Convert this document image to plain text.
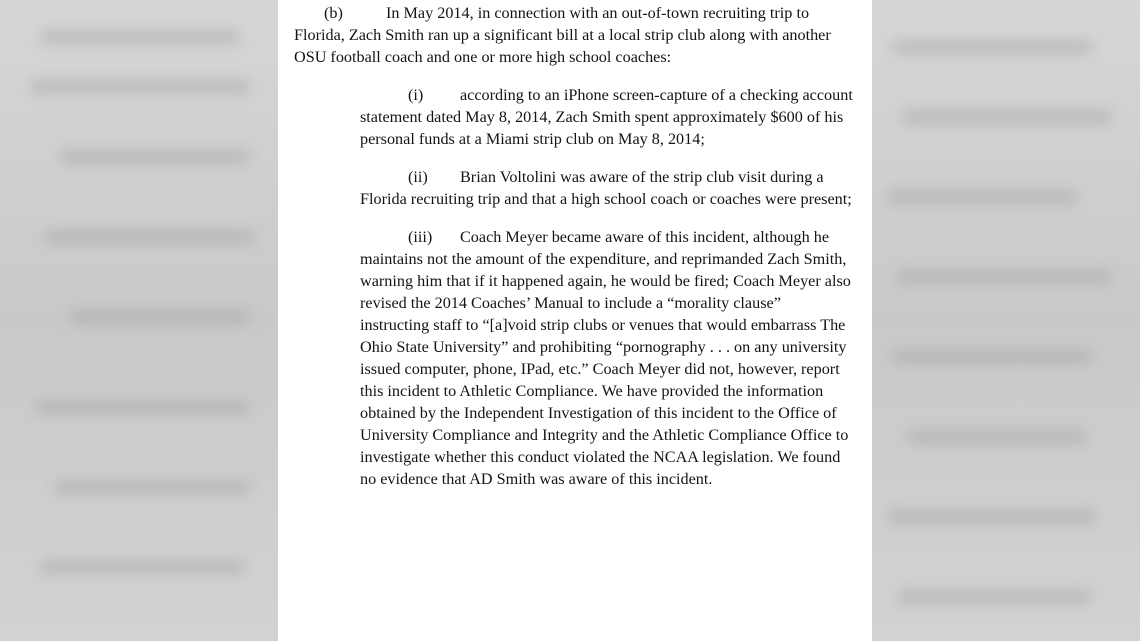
(b)	In May 2014, in connection with an out-of-town recruiting trip to Florida, Zach Smith ran up a significant bill at a local strip club along with another OSU football coach and one or more high school coaches:

(i) according to an iPhone screen-capture of a checking account statement dated May 8, 2014, Zach Smith spent approximately $600 of his personal funds at a Miami strip club on May 8, 2014;

(ii) Brian Voltolini was aware of the strip club visit during a Florida recruiting trip and that a high school coach or coaches were present;

(iii) Coach Meyer became aware of this incident, although he maintains not the amount of the expenditure, and reprimanded Zach Smith, warning him that if it happened again, he would be fired; Coach Meyer also revised the 2014 Coaches’ Manual to include a “morality clause” instructing staff to “[a]void strip clubs or venues that would embarrass The Ohio State University” and prohibiting “pornography . . . on any university issued computer, phone, IPad, etc.” Coach Meyer did not, however, report this incident to Athletic Compliance. We have provided the information obtained by the Independent Investigation of this incident to the Office of University Compliance and Integrity and the Athletic Compliance Office to investigate whether this conduct violated the NCAA legislation. We found no evidence that AD Smith was aware of this incident.
